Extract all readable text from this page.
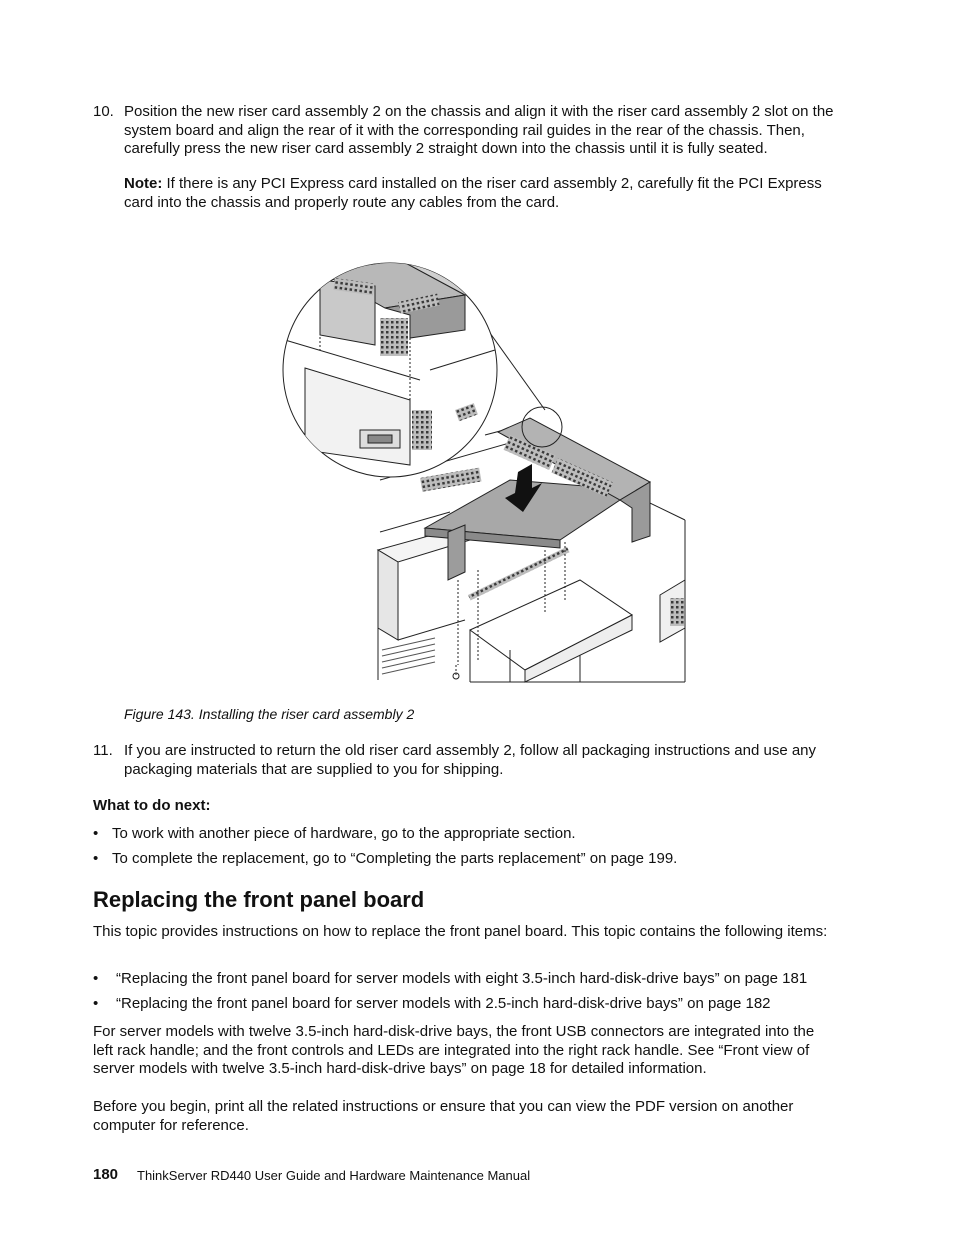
10. Position the new riser card assembly 2 on the chassis and align it with the riser card assembly 2 slot on the system board and align the rear of it with the corresponding rail guides in the rear of the chassis. Then, carefully press the new riser card assembly 2 straight down into the chassis until it is fully seated.
Note: If there is any PCI Express card installed on the riser card assembly 2, carefully fit the PCI Express card into the chassis and properly route any cables from the card.
Figure 143. Installing the riser card assembly 2
11. If you are instructed to return the old riser card assembly 2, follow all packaging instructions and use any packaging materials that are supplied to you for shipping.
What to do next:
• To work with another piece of hardware, go to the appropriate section.
• To complete the replacement, go to “Completing the parts replacement” on page 199.
Replacing the front panel board
This topic provides instructions on how to replace the front panel board. This topic contains the following items:
• “Replacing the front panel board for server models with eight 3.5-inch hard-disk-drive bays” on page 181
• “Replacing the front panel board for server models with 2.5-inch hard-disk-drive bays” on page 182
For server models with twelve 3.5-inch hard-disk-drive bays, the front USB connectors are integrated into the left rack handle; and the front controls and LEDs are integrated into the right rack handle. See “Front view of server models with twelve 3.5-inch hard-disk-drive bays” on page 18 for detailed information.
Before you begin, print all the related instructions or ensure that you can view the PDF version on another computer for reference.
180 ThinkServer RD440 User Guide and Hardware Maintenance Manual
